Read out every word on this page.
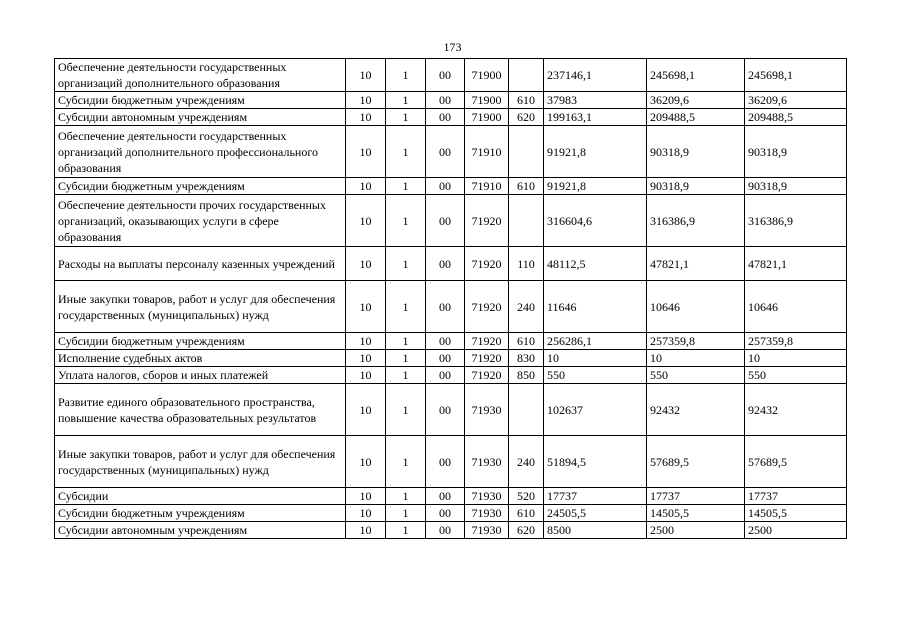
173
Обеспечение деятельности государственных организаций дополнительного образования	10	1	00	71900		237146,1	245698,1	245698,1
Субсидии бюджетным учреждениям	10	1	00	71900	610	37983	36209,6	36209,6
Субсидии автономным учреждениям	10	1	00	71900	620	199163,1	209488,5	209488,5
Обеспечение деятельности государственных организаций дополнительного профессионального образования	10	1	00	71910		91921,8	90318,9	90318,9
Субсидии бюджетным учреждениям	10	1	00	71910	610	91921,8	90318,9	90318,9
Обеспечение деятельности прочих государственных организаций, оказывающих услуги в сфере образования	10	1	00	71920		316604,6	316386,9	316386,9
Расходы на выплаты персоналу казенных учреждений	10	1	00	71920	110	48112,5	47821,1	47821,1
Иные закупки товаров, работ и услуг для обеспечения государственных (муниципальных) нужд	10	1	00	71920	240	11646	10646	10646
Субсидии бюджетным учреждениям	10	1	00	71920	610	256286,1	257359,8	257359,8
Исполнение судебных актов	10	1	00	71920	830	10	10	10
Уплата налогов, сборов и иных платежей	10	1	00	71920	850	550	550	550
Развитие единого образовательного пространства, повышение качества образовательных результатов	10	1	00	71930		102637	92432	92432
Иные закупки товаров, работ и услуг для обеспечения государственных (муниципальных) нужд	10	1	00	71930	240	51894,5	57689,5	57689,5
Субсидии	10	1	00	71930	520	17737	17737	17737
Субсидии бюджетным учреждениям	10	1	00	71930	610	24505,5	14505,5	14505,5
Субсидии автономным учреждениям	10	1	00	71930	620	8500	2500	2500
